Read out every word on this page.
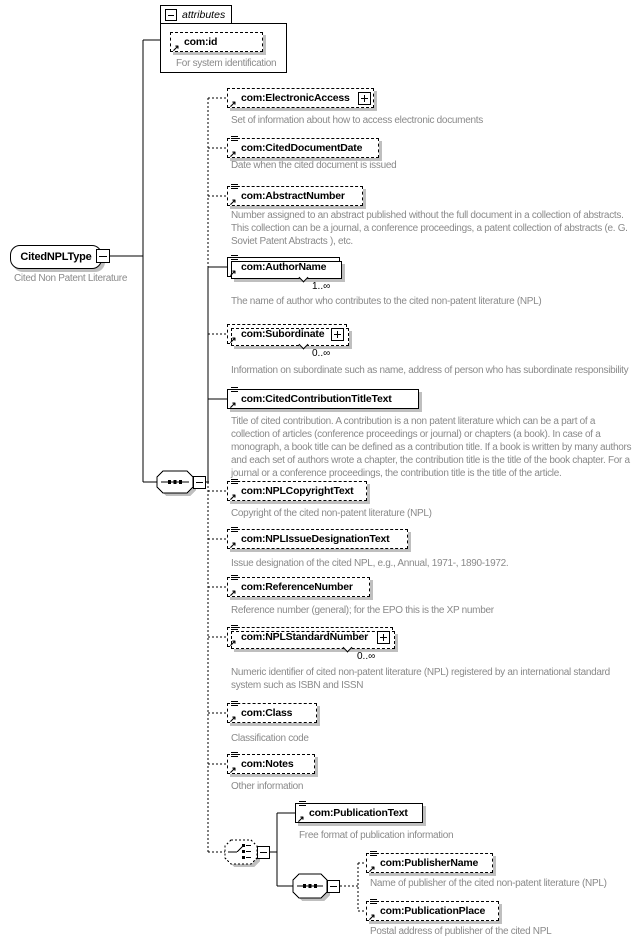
CitedNPLType
Cited Non Patent Literature
attributes
↗ com:id
For system identification
↗ com:ElectronicAccess
Set of information about how to access electronic documents
↗ com:CitedDocumentDate
Date when the cited document is issued
↗ com:AbstractNumber
Number assigned to an abstract published without the full document in a collection of abstracts. This collection can be a journal, a conference proceedings, a patent collection of abstracts (e. G. Soviet Patent Abstracts ), etc.
↗ com:AuthorName
1..∞
The name of author who contributes to the cited non-patent literature (NPL)
↗ com:Subordinate
0..∞
Information on subordinate such as name, address of person who has subordinate responsibility
↗ com:CitedContributionTitleText
Title of cited contribution. A contribution is a non patent literature which can be a part of a collection of articles (conference proceedings or journal) or chapters (a book). In case of a monograph, a book title can be defined as a contribution title. If a book is written by many authors and each set of authors wrote a chapter, the contribution title is the title of the book chapter. For a journal or a conference proceedings, the contribution title is the title of the article.
↗ com:NPLCopyrightText
Copyright of the cited non-patent literature (NPL)
↗ com:NPLIssueDesignationText
Issue designation of the cited NPL, e.g., Annual, 1971-, 1890-1972.
↗ com:ReferenceNumber
Reference number (general); for the EPO this is the XP number
↗ com:NPLStandardNumber
0..∞
Numeric identifier of cited non-patent literature (NPL) registered by an international standard system such as ISBN and ISSN
↗ com:Class
Classification code
↗ com:Notes
Other information
↗ com:PublicationText
Free format of publication information
↗ com:PublisherName
Name of publisher of the cited non-patent literature (NPL)
↗ com:PublicationPlace
Postal address of publisher of the cited NPL
